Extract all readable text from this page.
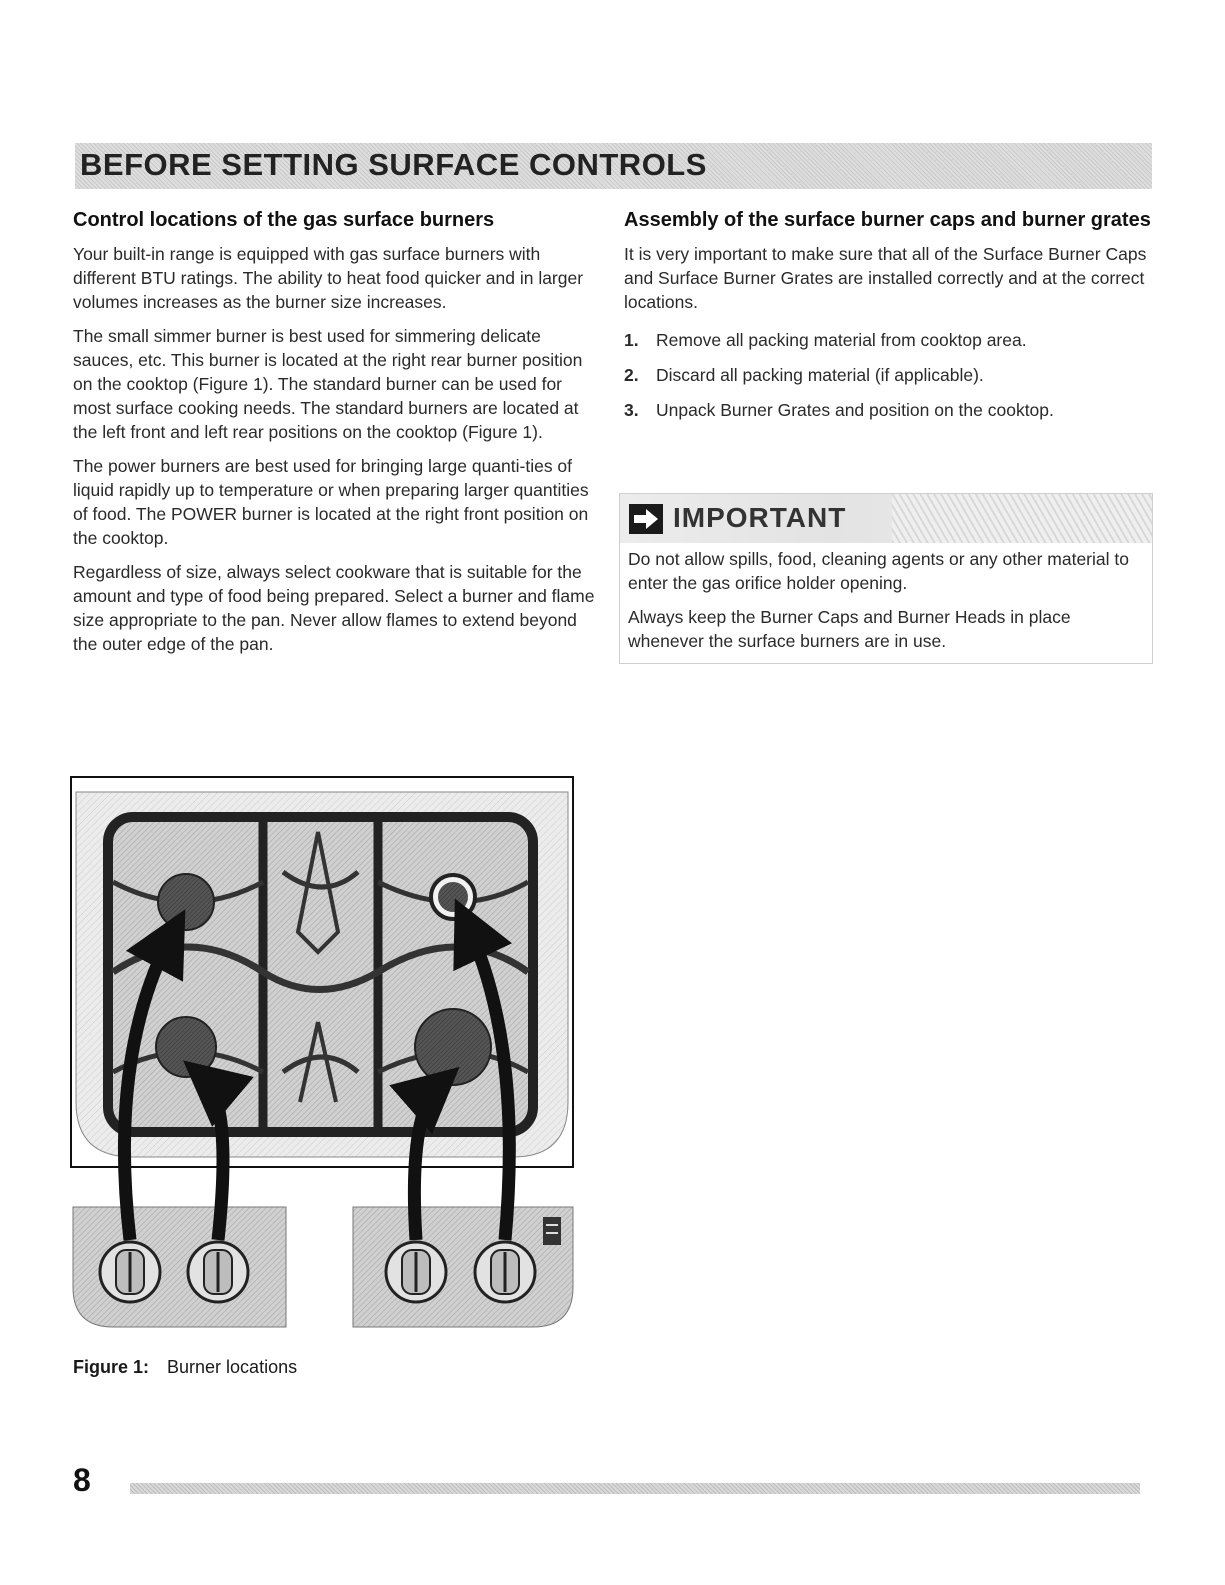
BEFORE SETTING SURFACE CONTROLS
Control locations of the gas surface burners

Your built-in range is equipped with gas surface burners with different BTU ratings. The ability to heat food quicker and in larger volumes increases as the burner size increases.

The small simmer burner is best used for simmering delicate sauces, etc. This burner is located at the right rear burner position on the cooktop (Figure 1). The standard burner can be used for most surface cooking needs. The standard burners are located at the left front and left rear positions on the cooktop (Figure 1).

The power burners are best used for bringing large quanti-ties of liquid rapidly up to temperature or when preparing larger quantities of food. The POWER burner is located at the right front position on the cooktop.

Regardless of size, always select cookware that is suitable for the amount and type of food being prepared. Select a burner and flame size appropriate to the pan. Never allow flames to extend beyond the outer edge of the pan.

Assembly of the surface burner caps and burner grates

It is very important to make sure that all of the Surface Burner Caps and Surface Burner Grates are installed correctly and at the correct locations.

1. Remove all packing material from cooktop area.
2. Discard all packing material (if applicable).
3. Unpack Burner Grates and position on the cooktop.
IMPORTANT

Do not allow spills, food, cleaning agents or any other material to enter the gas orifice holder opening.

Always keep the Burner Caps and Burner Heads in place whenever the surface burners are in use.

Figure 1: Burner locations
8
